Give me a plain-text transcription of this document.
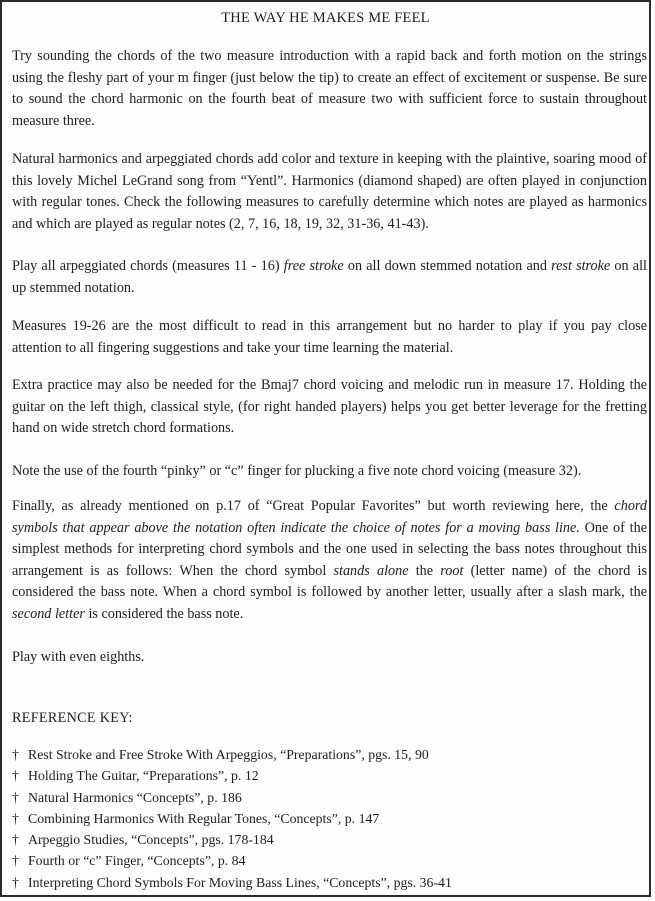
THE WAY HE MAKES ME FEEL

Try sounding the chords of the two measure introduction with a rapid back and forth motion on the strings using the fleshy part of your m finger (just below the tip) to create an effect of excitement or suspense. Be sure to sound the chord harmonic on the fourth beat of measure two with sufficient force to sustain throughout measure three.

Natural harmonics and arpeggiated chords add color and texture in keeping with the plaintive, soaring mood of this lovely Michel LeGrand song from “Yentl”. Harmonics (diamond shaped) are often played in conjunction with regular tones. Check the following measures to carefully determine which notes are played as harmonics and which are played as regular notes (2, 7, 16, 18, 19, 32, 31-36, 41-43).

Play all arpeggiated chords (measures 11 - 16) free stroke on all down stemmed notation and rest stroke on all up stemmed notation.

Measures 19-26 are the most difficult to read in this arrangement but no harder to play if you pay close attention to all fingering suggestions and take your time learning the material.

Extra practice may also be needed for the Bmaj7 chord voicing and melodic run in measure 17. Holding the guitar on the left thigh, classical style, (for right handed players) helps you get better leverage for the fretting hand on wide stretch chord formations.

Note the use of the fourth “pinky” or “c” finger for plucking a five note chord voicing (measure 32).

Finally, as already mentioned on p.17 of “Great Popular Favorites” but worth reviewing here, the chord symbols that appear above the notation often indicate the choice of notes for a moving bass line. One of the simplest methods for interpreting chord symbols and the one used in selecting the bass notes throughout this arrangement is as follows: When the chord symbol stands alone the root (letter name) of the chord is considered the bass note. When a chord symbol is followed by another letter, usually after a slash mark, the second letter is considered the bass note.

Play with even eighths.

REFERENCE KEY:
† Rest Stroke and Free Stroke With Arpeggios, “Preparations”, pgs. 15, 90
† Holding The Guitar, “Preparations”, p. 12
† Natural Harmonics “Concepts”, p. 186
† Combining Harmonics With Regular Tones, “Concepts”, p. 147
† Arpeggio Studies, “Concepts”, pgs. 178-184
† Fourth or “c” Finger, “Concepts”, p. 84
† Interpreting Chord Symbols For Moving Bass Lines, “Concepts”, pgs. 36-41
